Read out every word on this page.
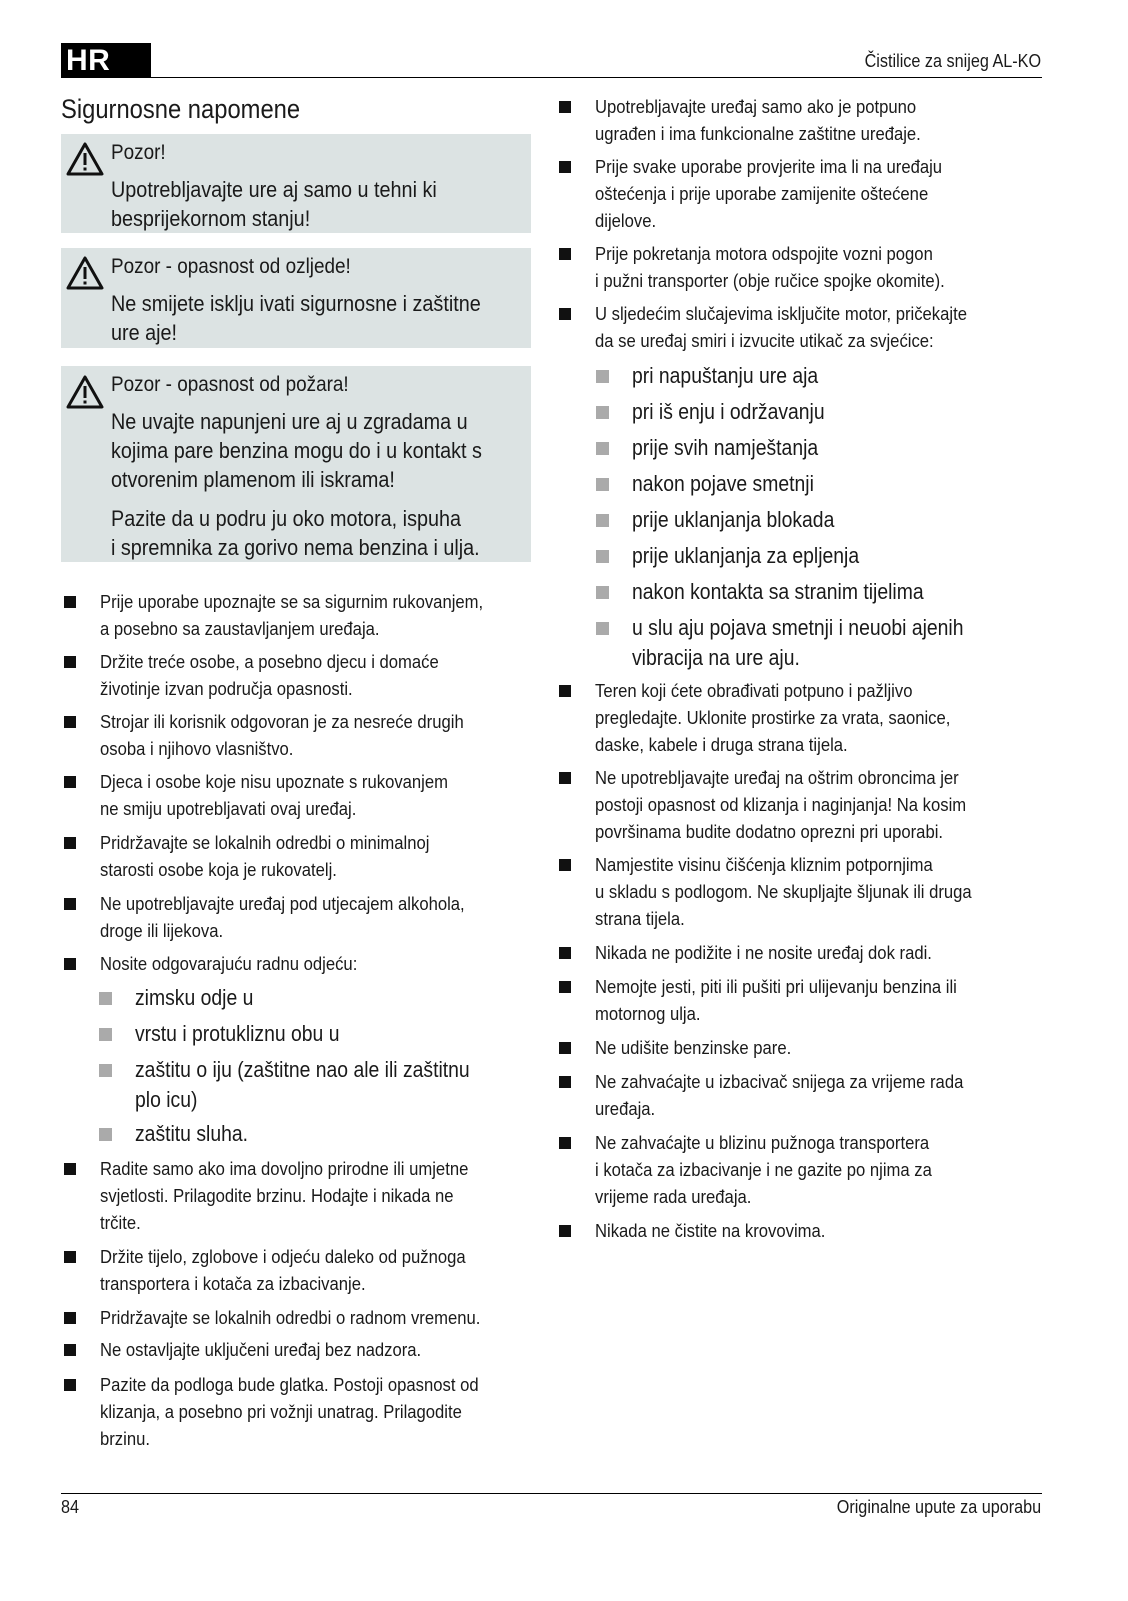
HR	Čistilice za snijeg AL-KO
Sigurnosne napomene
Pozor!
Upotrebljavajte ure aj samo u tehni ki
besprijekornom stanju!
Pozor - opasnost od ozljede!
Ne smijete isklju ivati sigurnosne i zaštitne
ure aje!
Pozor - opasnost od požara!
Ne uvajte napunjeni ure aj u zgradama u
kojima pare benzina mogu do i u kontakt s
otvorenim plamenom ili iskrama!
Pazite da u podru ju oko motora, ispuha
i spremnika za gorivo nema benzina i ulja.
Prije uporabe upoznajte se sa sigurnim rukovanjem,
a posebno sa zaustavljanjem uređaja.
Držite treće osobe, a posebno djecu i domaće
životinje izvan područja opasnosti.
Strojar ili korisnik odgovoran je za nesreće drugih
osoba i njihovo vlasništvo.
Djeca i osobe koje nisu upoznate s rukovanjem
ne smiju upotrebljavati ovaj uređaj.
Pridržavajte se lokalnih odredbi o minimalnoj
starosti osobe koja je rukovatelj.
Ne upotrebljavajte uređaj pod utjecajem alkohola,
droge ili lijekova.
Nosite odgovarajuću radnu odjeću:
zimsku odje u
vrstu i protukliznu obu u
zaštitu o iju (zaštitne nao ale ili zaštitnu
plo icu)
zaštitu sluha.
Radite samo ako ima dovoljno prirodne ili umjetne
svjetlosti. Prilagodite brzinu. Hodajte i nikada ne
trčite.
Držite tijelo, zglobove i odjeću daleko od pužnoga
transportera i kotača za izbacivanje.
Pridržavajte se lokalnih odredbi o radnom vremenu.
Ne ostavljajte uključeni uređaj bez nadzora.
Pazite da podloga bude glatka. Postoji opasnost od
klizanja, a posebno pri vožnji unatrag. Prilagodite
brzinu.
Upotrebljavajte uređaj samo ako je potpuno
ugrađen i ima funkcionalne zaštitne uređaje.
Prije svake uporabe provjerite ima li na uređaju
oštećenja i prije uporabe zamijenite oštećene
dijelove.
Prije pokretanja motora odspojite vozni pogon
i pužni transporter (obje ručice spojke okomite).
U sljedećim slučajevima isključite motor, pričekajte
da se uređaj smiri i izvucite utikač za svjećice:
pri napuštanju ure aja
pri iš enju i održavanju
prije svih namještanja
nakon pojave smetnji
prije uklanjanja blokada
prije uklanjanja za epljenja
nakon kontakta sa stranim tijelima
u slu aju pojava smetnji i neuobi ajenih
vibracija na ure aju.
Teren koji ćete obrađivati potpuno i pažljivo
pregledajte. Uklonite prostirke za vrata, saonice,
daske, kabele i druga strana tijela.
Ne upotrebljavajte uređaj na oštrim obroncima jer
postoji opasnost od klizanja i naginjanja! Na kosim
površinama budite dodatno oprezni pri uporabi.
Namjestite visinu čišćenja kliznim potpornjima
u skladu s podlogom. Ne skupljajte šljunak ili druga
strana tijela.
Nikada ne podižite i ne nosite uređaj dok radi.
Nemojte jesti, piti ili pušiti pri ulijevanju benzina ili
motornog ulja.
Ne udišite benzinske pare.
Ne zahvaćajte u izbacivač snijega za vrijeme rada
uređaja.
Ne zahvaćajte u blizinu pužnoga transportera
i kotača za izbacivanje i ne gazite po njima za
vrijeme rada uređaja.
Nikada ne čistite na krovovima.
84	Originalne upute za uporabu
